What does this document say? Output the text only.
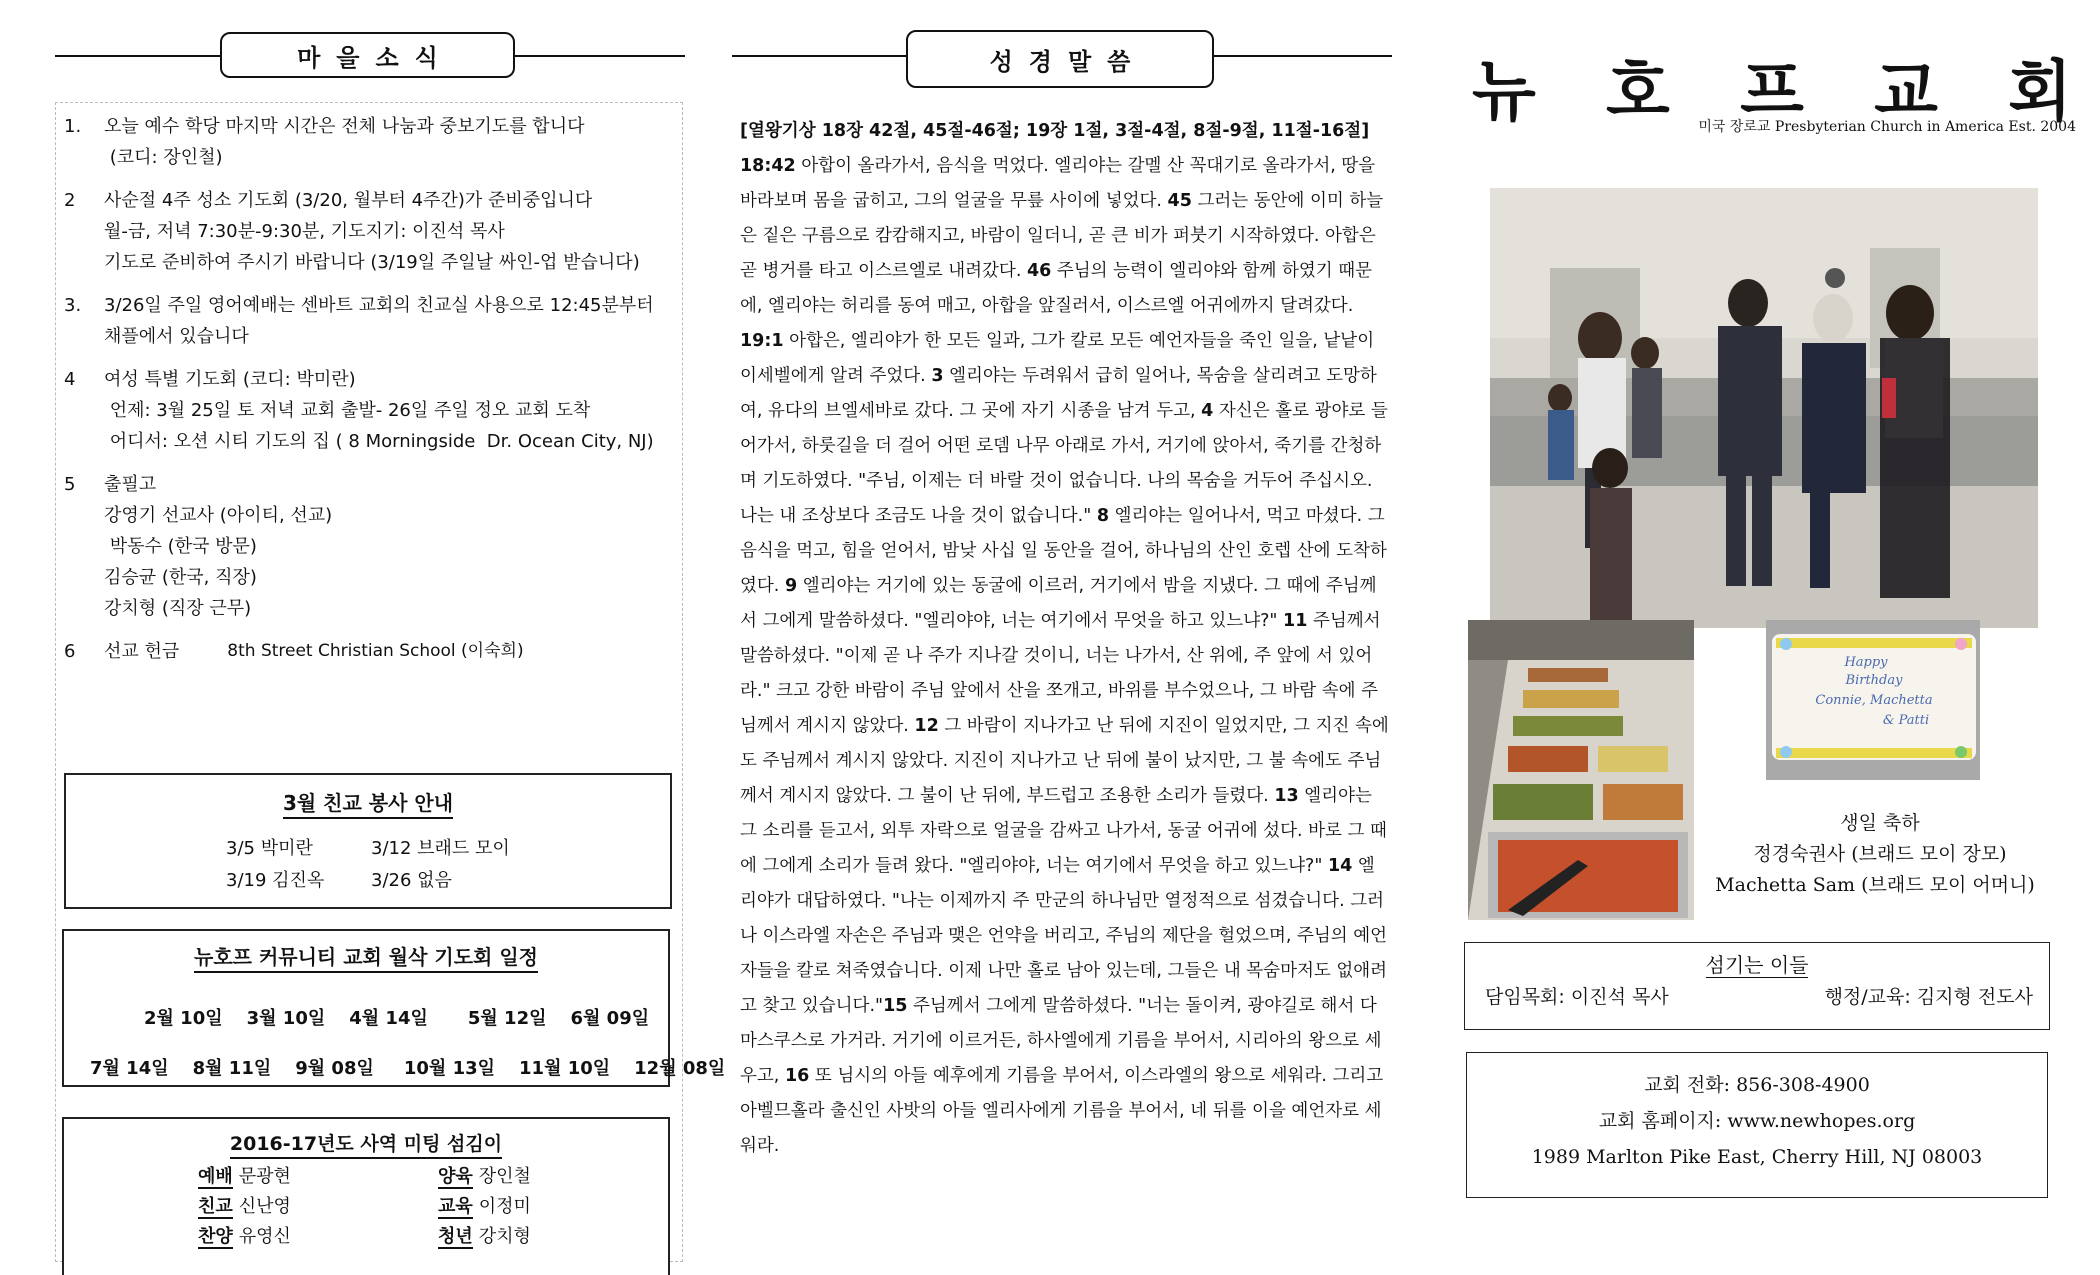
마을소식
1.	오늘 예수 학당 마지막 시간은 전체 나눔과 중보기도를 합니다
(코디: 장인철)
2	사순절 4주 성소 기도회 (3/20, 월부터 4주간)가 준비중입니다
월-금, 저녁 7:30분-9:30분, 기도지기: 이진석 목사
기도로 준비하여 주시기 바랍니다 (3/19일 주일날 싸인-업 받습니다)
3.	3/26일 주일 영어예배는 센바트 교회의 친교실 사용으로 12:45분부터
채플에서 있습니다
4	여성 특별 기도회 (코디: 박미란)
언제: 3월 25일 토 저녁 교회 출발- 26일 주일 정오 교회 도착
어디서: 오션 시티 기도의 집 ( 8 Morningside  Dr. Ocean City, NJ)
5	출필고
강영기 선교사 (아이티, 선교)
박동수 (한국 방문)
김승균 (한국, 직장)
강치형 (직장 근무)
6	선교 헌금	8th Street Christian School (이숙희)
3월 친교 봉사 안내
3/5 박미란	3/12 브래드 모이
3/19 김진옥	3/26 없음
뉴호프 커뮤니티 교회 월삭 기도회 일정
2월 10일 3월 10일 4월 14일 5월 12일 6월 09일
7월 14일 8월 11일 9월 08일 10월 13일 11월 10일 12월 08일
2016-17년도 사역 미팅 섬김이
예배 문광현	양육 장인철
친교 신난영	교육 이정미
찬양 유영신	청년 강치형
성경말씀
[열왕기상 18장 42절, 45절-46절; 19장 1절, 3절-4절, 8절-9절, 11절-16절]
18:42 아합이 올라가서, 음식을 먹었다. 엘리야는 갈멜 산 꼭대기로 올라가서, 땅을 바라보며 몸을 굽히고, 그의 얼굴을 무릎 사이에 넣었다. 45 그러는 동안에 이미 하늘은 짙은 구름으로 캄캄해지고, 바람이 일더니, 곧 큰 비가 퍼붓기 시작하였다. 아합은 곧 병거를 타고 이스르엘로 내려갔다. 46 주님의 능력이 엘리야와 함께 하였기 때문에, 엘리야는 허리를 동여 매고, 아합을 앞질러서, 이스르엘 어귀에까지 달려갔다.
19:1 아합은, 엘리야가 한 모든 일과, 그가 칼로 모든 예언자들을 죽인 일을, 낱낱이 이세벨에게 알려 주었다. 3 엘리야는 두려워서 급히 일어나, 목숨을 살리려고 도망하여, 유다의 브엘세바로 갔다. 그 곳에 자기 시종을 남겨 두고, 4 자신은 홀로 광야로 들어가서, 하룻길을 더 걸어 어떤 로뎀 나무 아래로 가서, 거기에 앉아서, 죽기를 간청하며 기도하였다. "주님, 이제는 더 바랄 것이 없습니다. 나의 목숨을 거두어 주십시오. 나는 내 조상보다 조금도 나을 것이 없습니다." 8 엘리야는 일어나서, 먹고 마셨다. 그 음식을 먹고, 힘을 얻어서, 밤낮 사십 일 동안을 걸어, 하나님의 산인 호렙 산에 도착하였다. 9 엘리야는 거기에 있는 동굴에 이르러, 거기에서 밤을 지냈다. 그 때에 주님께서 그에게 말씀하셨다. "엘리야야, 너는 여기에서 무엇을 하고 있느냐?" 11 주님께서 말씀하셨다. "이제 곧 나 주가 지나갈 것이니, 너는 나가서, 산 위에, 주 앞에 서 있어라." 크고 강한 바람이 주님 앞에서 산을 쪼개고, 바위를 부수었으나, 그 바람 속에 주님께서 계시지 않았다. 12 그 바람이 지나가고 난 뒤에 지진이 일었지만, 그 지진 속에도 주님께서 계시지 않았다. 지진이 지나가고 난 뒤에 불이 났지만, 그 불 속에도 주님께서 계시지 않았다. 그 불이 난 뒤에, 부드럽고 조용한 소리가 들렸다. 13 엘리야는 그 소리를 듣고서, 외투 자락으로 얼굴을 감싸고 나가서, 동굴 어귀에 섰다. 바로 그 때에 그에게 소리가 들려 왔다. "엘리야야, 너는 여기에서 무엇을 하고 있느냐?" 14 엘리야가 대답하였다. "나는 이제까지 주 만군의 하나님만 열정적으로 섬겼습니다. 그러나 이스라엘 자손은 주님과 맺은 언약을 버리고, 주님의 제단을 헐었으며, 주님의 예언자들을 칼로 쳐죽였습니다. 이제 나만 홀로 남아 있는데, 그들은 내 목숨마저도 없애려고 찾고 있습니다."15 주님께서 그에게 말씀하셨다. "너는 돌이켜, 광야길로 해서 다마스쿠스로 가거라. 거기에 이르거든, 하사엘에게 기름을 부어서, 시리아의 왕으로 세우고, 16 또 님시의 아들 예후에게 기름을 부어서, 이스라엘의 왕으로 세워라. 그리고 아벨므홀라 출신인 사밧의 아들 엘리사에게 기름을 부어서, 네 뒤를 이을 예언자로 세워라.
뉴 호 프 교 회
미국 장로교 Presbyterian Church in America Est. 2004
Happy
Birthday
Connie, Machetta
& Patti
생일 축하
정경숙권사 (브래드 모이 장모)
Machetta Sam (브래드 모이 어머니)
섬기는 이들
담임목회: 이진석 목사	행정/교육: 김지형 전도사
교회 전화: 856-308-4900
교회 홈페이지: www.newhopes.org
1989 Marlton Pike East, Cherry Hill, NJ 08003
